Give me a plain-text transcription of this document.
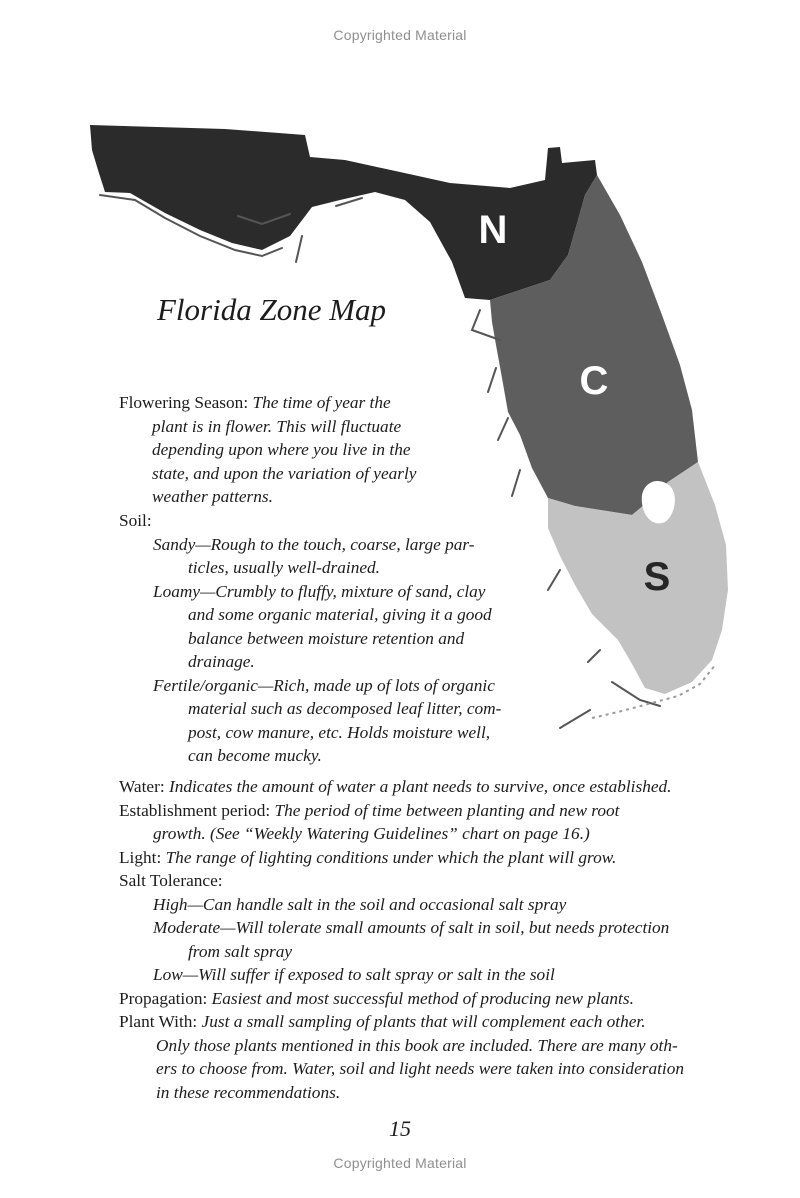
Copyrighted Material
N
C
S
Florida Zone Map
Flowering Season: The time of year the
plant is in flower. This will fluctuate
depending upon where you live in the
state, and upon the variation of yearly
weather patterns.
Soil:
Sandy—Rough to the touch, coarse, large par-
ticles, usually well-drained.
Loamy—Crumbly to fluffy, mixture of sand, clay
and some organic material, giving it a good
balance between moisture retention and
drainage.
Fertile/organic—Rich, made up of lots of organic
material such as decomposed leaf litter, com-
post, cow manure, etc. Holds moisture well,
can become mucky.
Water: Indicates the amount of water a plant needs to survive, once established.
Establishment period: The period of time between planting and new root
growth. (See “Weekly Watering Guidelines” chart on page 16.)
Light: The range of lighting conditions under which the plant will grow.
Salt Tolerance:
High—Can handle salt in the soil and occasional salt spray
Moderate—Will tolerate small amounts of salt in soil, but needs protection
from salt spray
Low—Will suffer if exposed to salt spray or salt in the soil
Propagation: Easiest and most successful method of producing new plants.
Plant With: Just a small sampling of plants that will complement each other.
Only those plants mentioned in this book are included. There are many oth-
ers to choose from. Water, soil and light needs were taken into consideration
in these recommendations.
15
Copyrighted Material
